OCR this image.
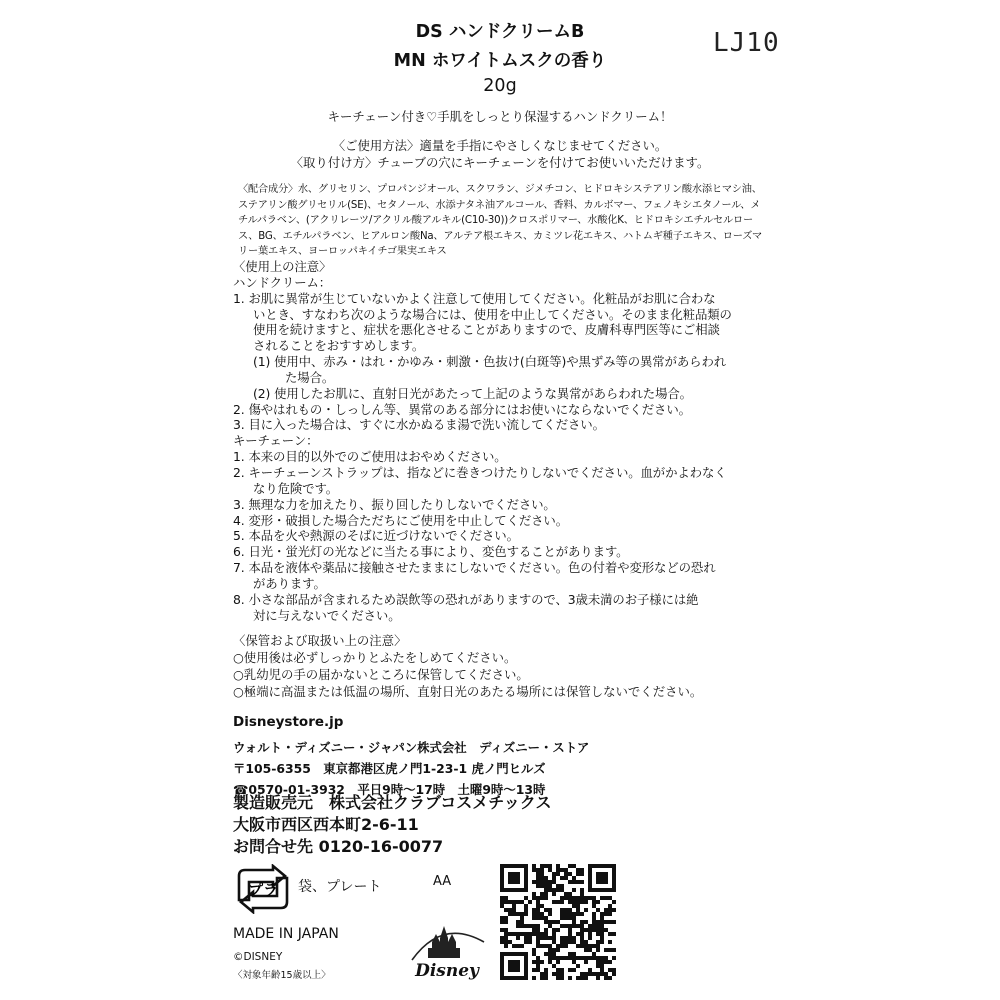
DS ハンドクリームB
MN ホワイトムスクの香り
20g
LJ10
キーチェーン付き♡手肌をしっとり保湿するハンドクリーム！
〈ご使用方法〉適量を手指にやさしくなじませてください。
〈取り付け方〉チューブの穴にキーチェーンを付けてお使いいただけます。
〈配合成分〉水、グリセリン、プロパンジオール、スクワラン、ジメチコン、ヒドロキシステアリン酸水添ヒマシ油、ステアリン酸グリセリル(SE)、セタノール、水添ナタネ油アルコール、香料、カルボマー、フェノキシエタノール、メチルパラベン、(アクリレーツ/アクリル酸アルキル(C10-30))クロスポリマー、水酸化K、ヒドロキシエチルセルロース、BG、エチルパラベン、ヒアルロン酸Na、アルテア根エキス、カミツレ花エキス、ハトムギ種子エキス、ローズマリー葉エキス、ヨーロッパキイチゴ果実エキス
〈使用上の注意〉
ハンドクリーム：
1. お肌に異常が生じていないかよく注意して使用してください。化粧品がお肌に合わな
いとき、すなわち次のような場合には、使用を中止してください。そのまま化粧品類の
使用を続けますと、症状を悪化させることがありますので、皮膚科専門医等にご相談
されることをおすすめします。
(1) 使用中、赤み・はれ・かゆみ・刺激・色抜け(白斑等)や黒ずみ等の異常があらわれ
た場合。
(2) 使用したお肌に、直射日光があたって上記のような異常があらわれた場合。
2. 傷やはれもの・しっしん等、異常のある部分にはお使いにならないでください。
3. 目に入った場合は、すぐに水かぬるま湯で洗い流してください。
キーチェーン：
1. 本来の目的以外でのご使用はおやめください。
2. キーチェーンストラップは、指などに巻きつけたりしないでください。血がかよわなく
なり危険です。
3. 無理な力を加えたり、振り回したりしないでください。
4. 変形・破損した場合ただちにご使用を中止してください。
5. 本品を火や熱源のそばに近づけないでください。
6. 日光・蛍光灯の光などに当たる事により、変色することがあります。
7. 本品を液体や薬品に接触させたままにしないでください。色の付着や変形などの恐れ
があります。
8. 小さな部品が含まれるため誤飲等の恐れがありますので、3歳未満のお子様には絶
対に与えないでください。
〈保管および取扱い上の注意〉
○使用後は必ずしっかりとふたをしめてください。
○乳幼児の手の届かないところに保管してください。
○極端に高温または低温の場所、直射日光のあたる場所には保管しないでください。
Disneystore.jp
ウォルト・ディズニー・ジャパン株式会社　ディズニー・ストア
〒105-6355　東京都港区虎ノ門1-23-1 虎ノ門ヒルズ
☎0570-01-3932　平日9時～17時　土曜9時～13時
製造販売元　株式会社クラブコスメチックス
大阪市西区西本町2-6-11
お問合せ先 0120-16-0077
プラ 袋、プレート	AA
MADE IN JAPAN
©DISNEY
〈対象年齢15歳以上〉	Disney
